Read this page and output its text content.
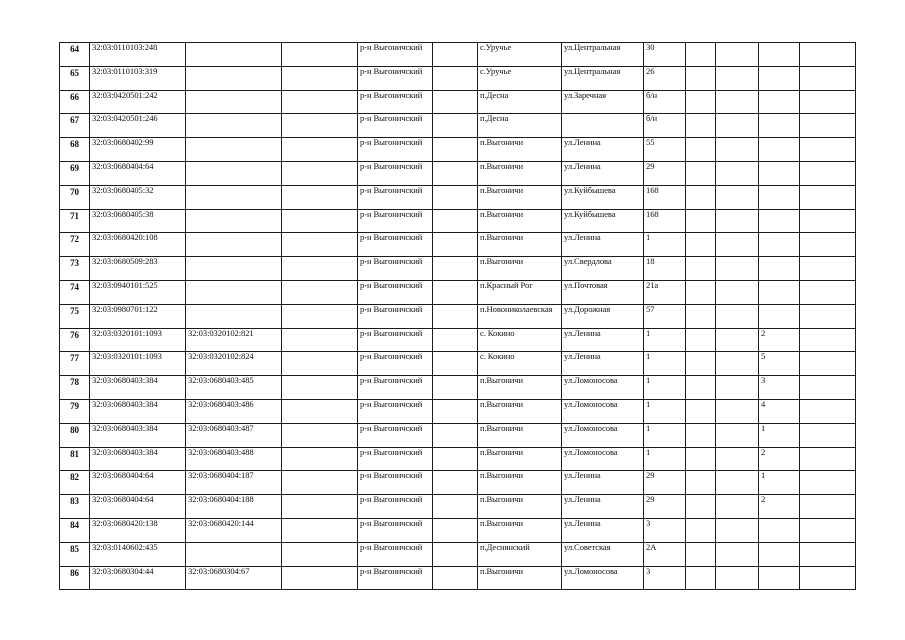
64	32:03:0110103:248			р-н Выгоничский		с.Уручье	ул.Центральная	30				
65	32:03:0110103:319			р-н Выгоничский		с.Уручье	ул.Центральная	26				
66	32:03:0420501:242			р-н Выгоничский		п.Десна	ул.Заречная	б/н				
67	32:03:0420501:246			р-н Выгоничский		п.Десна		б/н				
68	32:03:0680402:99			р-н Выгоничский		п.Выгоничи	ул.Ленина	55				
69	32:03:0680404:64			р-н Выгоничский		п.Выгоничи	ул.Ленина	29				
70	32:03:0680405:32			р-н Выгоничский		п.Выгоничи	ул.Куйбышева	168				
71	32:03:0680405:38			р-н Выгоничский		п.Выгоничи	ул.Куйбышева	168				
72	32:03:0680420:108			р-н Выгоничский		п.Выгоничи	ул.Ленина	1				
73	32:03:0680509:283			р-н Выгоничский		п.Выгоничи	ул.Свердлова	18				
74	32:03:0940101:525			р-н Выгоничский		п.Красный Рог	ул.Почтовая	21а				
75	32:03:0980701:122			р-н Выгоничский		п.Новониколаевская	ул.Дорожная	57				
76	32:03:0320101:1093	32:03:0320102:821		р-н Выгоничский		с. Кокино	ул.Ленина	1			2	
77	32:03:0320101:1093	32:03:0320102:824		р-н Выгоничский		с. Кокино	ул.Ленина	1			5	
78	32:03:0680403:384	32:03:0680403:485		р-н Выгоничский		п.Выгоничи	ул.Ломоносова	1			3	
79	32:03:0680403:384	32:03:0680403:486		р-н Выгоничский		п.Выгоничи	ул.Ломоносова	1			4	
80	32:03:0680403:384	32:03:0680403:487		р-н Выгоничский		п.Выгоничи	ул.Ломоносова	1			1	
81	32:03:0680403:384	32:03:0680403:488		р-н Выгоничский		п.Выгоничи	ул.Ломоносова	1			2	
82	32:03:0680404:64	32:03:0680404:187		р-н Выгоничский		п.Выгоничи	ул.Ленина	29			1	
83	32:03:0680404:64	32:03:0680404:188		р-н Выгоничский		п.Выгоничи	ул.Ленина	29			2	
84	32:03:0680420:138	32:03:0680420:144		р-н Выгоничский		п.Выгоничи	ул.Ленина	3				
85	32:03:0140602:435			р-н Выгоничский		п.Деснянский	ул.Советская	2А				
86	32:03:0680304:44	32:03:0680304:67		р-н Выгоничский		п.Выгоничи	ул.Ломоносова	3				
